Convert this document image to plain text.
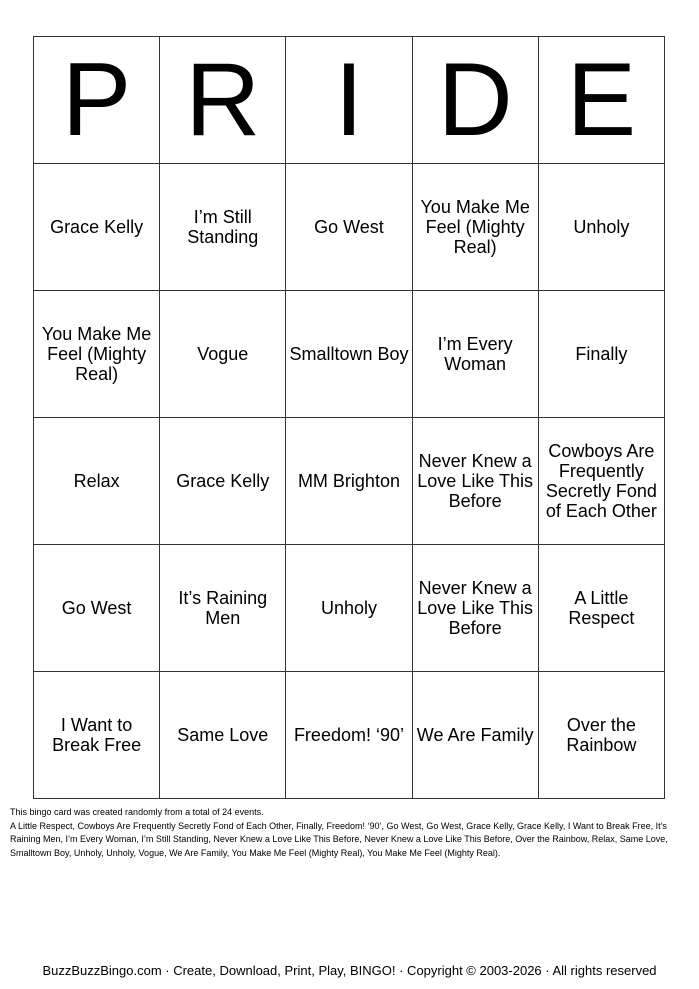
P	R	I	D	E
Grace Kelly	I’m Still Standing	Go West	You Make Me Feel (Mighty Real)	Unholy
You Make Me Feel (Mighty Real)	Vogue	Smalltown Boy	I’m Every Woman	Finally
Relax	Grace Kelly	MM Brighton	Never Knew a Love Like This Before	Cowboys Are Frequently Secretly Fond of Each Other
Go West	It’s Raining Men	Unholy	Never Knew a Love Like This Before	A Little Respect
I Want to Break Free	Same Love	Freedom! ‘90’	We Are Family	Over the Rainbow

This bingo card was created randomly from a total of 24 events.

A Little Respect, Cowboys Are Frequently Secretly Fond of Each Other, Finally, Freedom! ‘90’, Go West, Go West, Grace Kelly, Grace Kelly, I Want to Break Free, It’s Raining Men, I’m Every Woman, I’m Still Standing, Never Knew a Love Like This Before, Never Knew a Love Like This Before, Over the Rainbow, Relax, Same Love, Smalltown Boy, Unholy, Unholy, Vogue, We Are Family, You Make Me Feel (Mighty Real), You Make Me Feel (Mighty Real).

BuzzBuzzBingo.com · Create, Download, Print, Play, BINGO! · Copyright © 2003-2026 · All rights reserved
